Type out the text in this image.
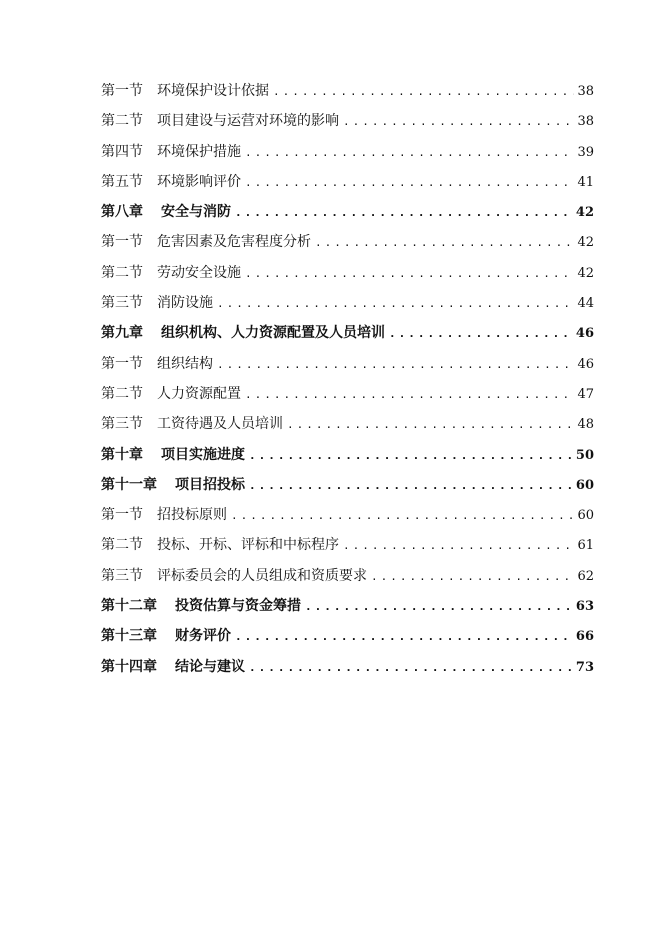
第一节 环境保护设计依据 .....	38
第二节 项目建设与运营对环境的影响 .....	38
第四节 环境保护措施 .....	39
第五节 环境影响评价 .....	41
第八章 安全与消防 .....	42
第一节 危害因素及危害程度分析 .....	42
第二节 劳动安全设施 .....	42
第三节 消防设施 .....	44
第九章 组织机构、人力资源配置及人员培训 .....	46
第一节 组织结构 .....	46
第二节 人力资源配置 .....	47
第三节 工资待遇及人员培训 .....	48
第十章 项目实施进度 .....	50
第十一章 项目招投标 .....	60
第一节 招投标原则 .....	60
第二节 投标、开标、评标和中标程序 .....	61
第三节 评标委员会的人员组成和资质要求 .....	62
第十二章 投资估算与资金筹措 .....	63
第十三章 财务评价 .....	66
第十四章 结论与建议 .....	73
